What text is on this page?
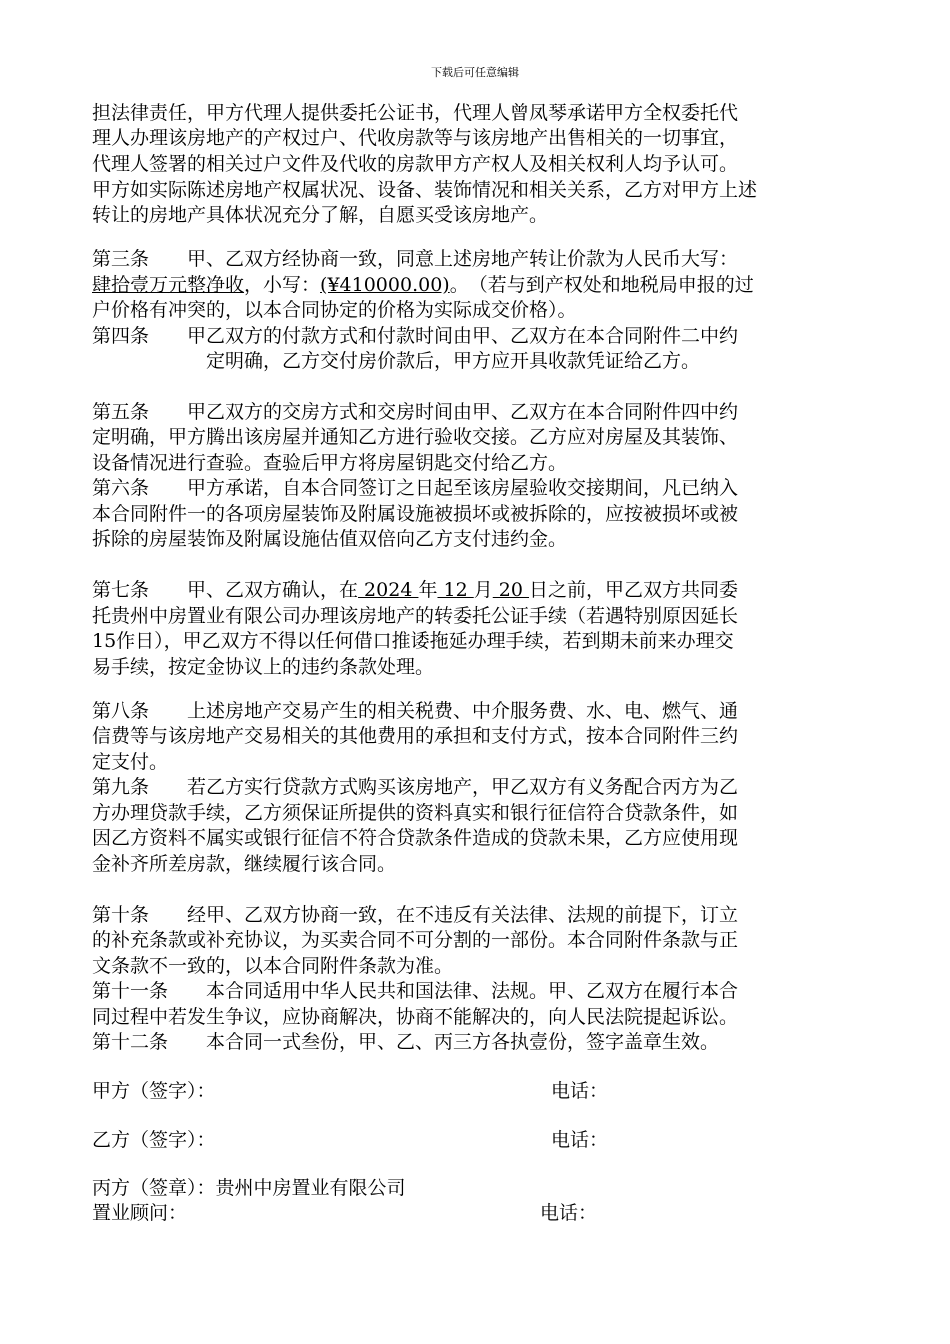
下载后可任意编辑
担法律责任，甲方代理人提供委托公证书，代理人曾凤琴承诺甲方全权委托代
理人办理该房地产的产权过户、代收房款等与该房地产出售相关的一切事宜，
代理人签署的相关过户文件及代收的房款甲方产权人及相关权利人均予认可。
甲方如实际陈述房地产权属状况、设备、装饰情况和相关关系，乙方对甲方上述
转让的房地产具体状况充分了解，自愿买受该房地产。
第三条　　甲、乙双方经协商一致，同意上述房地产转让价款为人民币大写：
肆拾壹万元整净收，小写：(¥410000.00)。　（若与到产权处和地税局申报的过
户价格有冲突的，以本合同协定的价格为实际成交价格）。
第四条　　甲乙双方的付款方式和付款时间由甲、乙双方在本合同附件二中约
定明确，乙方交付房价款后，甲方应开具收款凭证给乙方。
第五条　　甲乙双方的交房方式和交房时间由甲、乙双方在本合同附件四中约
定明确，甲方腾出该房屋并通知乙方进行验收交接。乙方应对房屋及其装饰、
设备情况进行查验。查验后甲方将房屋钥匙交付给乙方。
第六条　　甲方承诺，自本合同签订之日起至该房屋验收交接期间，凡已纳入
本合同附件一的各项房屋装饰及附属设施被损坏或被拆除的，应按被损坏或被
拆除的房屋装饰及附属设施估值双倍向乙方支付违约金。
第七条　　甲、乙双方确认，在 2024 年 12 月 20 日之前，甲乙双方共同委
托贵州中房置业有限公司办理该房地产的转委托公证手续（若遇特别原因延长
15作日），甲乙双方不得以任何借口推诿拖延办理手续，若到期未前来办理交
易手续，按定金协议上的违约条款处理。
第八条　　上述房地产交易产生的相关税费、中介服务费、水、电、燃气、通
信费等与该房地产交易相关的其他费用的承担和支付方式，按本合同附件三约
定支付。
第九条　　若乙方实行贷款方式购买该房地产，甲乙双方有义务配合丙方为乙
方办理贷款手续，乙方须保证所提供的资料真实和银行征信符合贷款条件，如
因乙方资料不属实或银行征信不符合贷款条件造成的贷款未果，乙方应使用现
金补齐所差房款，继续履行该合同。
第十条　　经甲、乙双方协商一致，在不违反有关法律、法规的前提下，订立
的补充条款或补充协议，为买卖合同不可分割的一部份。本合同附件条款与正
文条款不一致的，以本合同附件条款为准。
第十一条　　本合同适用中华人民共和国法律、法规。甲、乙双方在履行本合
同过程中若发生争议，应协商解决，协商不能解决的，向人民法院提起诉讼。
第十二条　　本合同一式叁份，甲、乙、丙三方各执壹份，签字盖章生效。
甲方（签字）：	电话：
乙方（签字）：	电话：
丙方（签章）：贵州中房置业有限公司
置业顾问：	电话：
